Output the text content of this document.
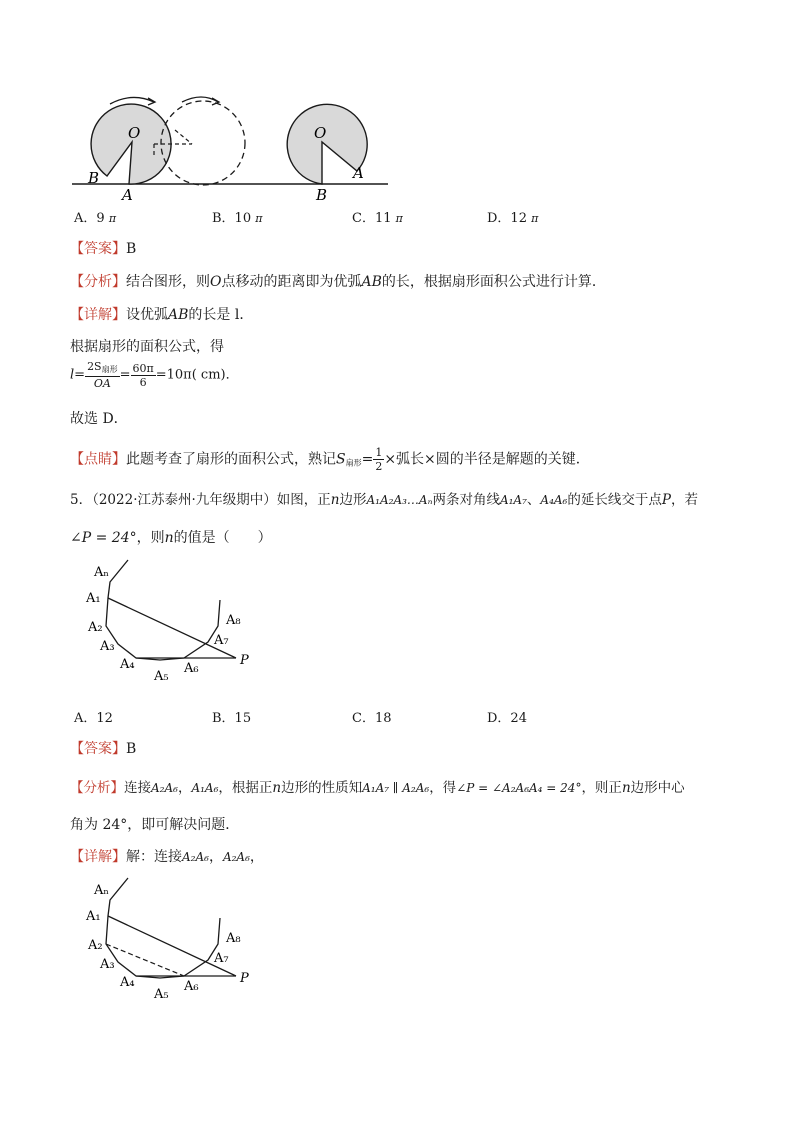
O
B
A
O
A
B
A．9 π	B．10 π	C．11 π	D．12 π
【答案】B
【分析】结合图形，则O点移动的距离即为优弧AB的长，根据扇形面积公式进行计算．
【详解】设优弧AB的长是 l．
根据扇形的面积公式，得
$l= \frac{2S_{扇形}}{OA} = \frac{60\pi}{6} =10\pi$( cm)．
故选 D．
【点睛】此题考查了扇形的面积公式，熟记$S_{扇形}= \frac{1}{2}$ ×弧长×圆的半径是解题的关键．
5．（2022·江苏泰州·九年级期中）如图，正n边形A₁A₂A₃…Aₙ两条对角线A₁A₇、A₄A₆的延长线交于点P，若
∠P = 24°，则n的值是（　　）
Aₙ
A₁
A₂
A₃
A₄
A₅
A₆
A₇
A₈
P
A．12	B．15	C．18	D．24
【答案】B
【分析】连接A₂A₆，A₁A₆，根据正n边形的性质知A₁A₇ ∥ A₂A₆，得∠P = ∠A₂A₆A₄ = 24°，则正n边形中心
角为 24°，即可解决问题．
【详解】解：连接A₂A₆，A₂A₆，
Aₙ
A₁
A₂
A₃
A₄
A₅
A₆
A₇
A₈
P
